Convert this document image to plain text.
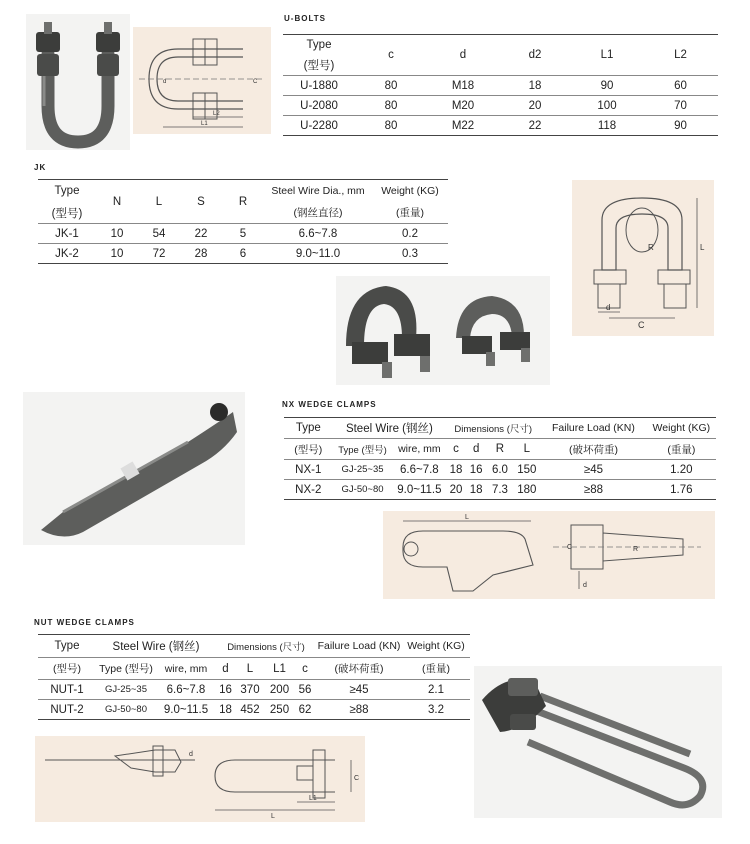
L1
L2
C
d
U-BOLTS
Type	c	d	d2	L1	L2
(型号)					
U-1880	80	M18	18	90	60
U-2080	80	M20	20	100	70
U-2280	80	M22	22	118	90
JK
Type	N	L	S	R	Steel Wire Dia., mm	Weight (KG)
(型号)					(钢丝直径)	(重量)
JK-1	10	54	22	5	6.6~7.8	0.2
JK-2	10	72	28	6	9.0~11.0	0.3
C
d
R	L
NX WEDGE CLAMPS
Type	Steel Wire (钢丝)		Dimensions (尺寸)				Failure Load (KN)	Weight (KG)
(型号)	Type (型号)	wire, mm	c	d	R	L	(破坏荷重)	(重量)
NX-1	GJ-25~35	6.6~7.8	18	16	6.0	150	≥45	1.20
NX-2	GJ-50~80	9.0~11.5	20	18	7.3	180	≥88	1.76
L
C	R
d
NUT WEDGE CLAMPS
Type	Steel Wire (钢丝)		Dimensions (尺寸)				Failure Load (KN)	Weight (KG)
(型号)	Type (型号)	wire, mm	d	L	L1	c	(破坏荷重)	(重量)
NUT-1	GJ-25~35	6.6~7.8	16	370	200	56	≥45	2.1
NUT-2	GJ-50~80	9.0~11.5	18	452	250	62	≥88	3.2
L
L1
C
d
